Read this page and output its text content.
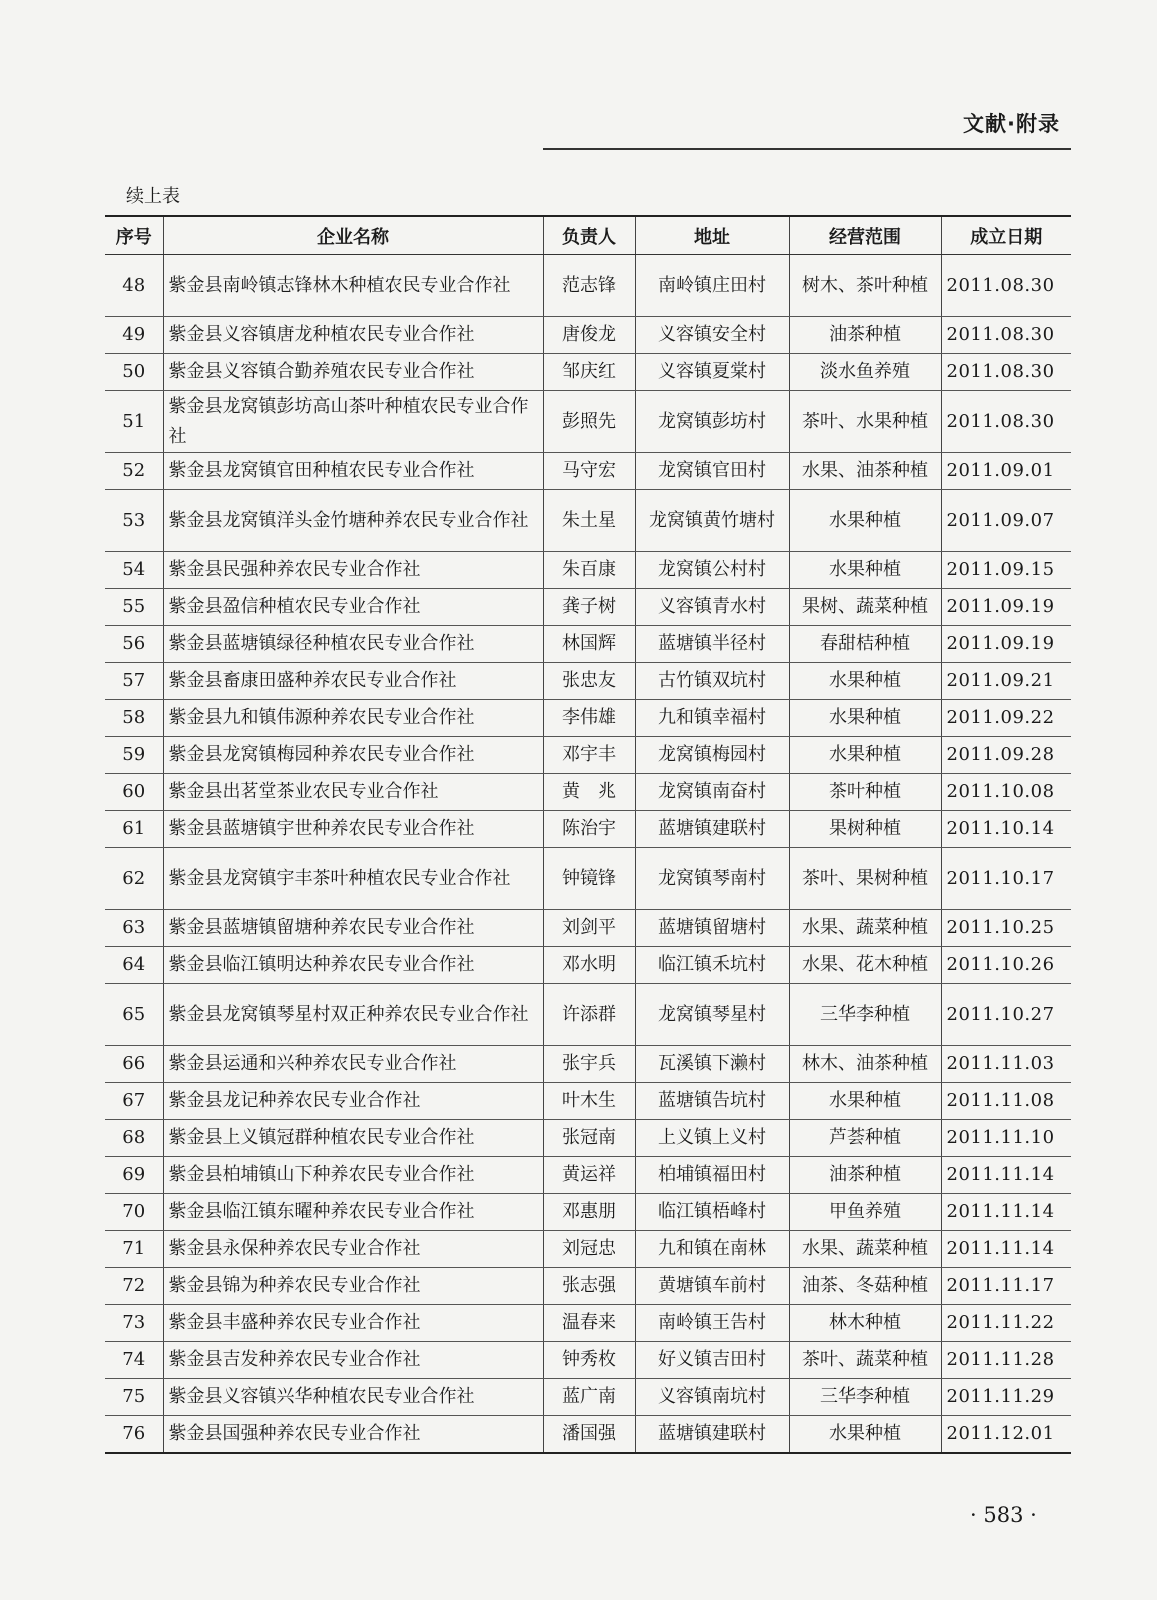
文献·附录
续上表
序号	企业名称	负责人	地址	经营范围	成立日期
48	紫金县南岭镇志锋林木种植农民专业合作社	范志锋	南岭镇庄田村	树木、茶叶种植	2011.08.30
49	紫金县义容镇唐龙种植农民专业合作社	唐俊龙	义容镇安全村	油茶种植	2011.08.30
50	紫金县义容镇合勤养殖农民专业合作社	邹庆红	义容镇夏棠村	淡水鱼养殖	2011.08.30
51	紫金县龙窝镇彭坊高山茶叶种植农民专业合作社	彭照先	龙窝镇彭坊村	茶叶、水果种植	2011.08.30
52	紫金县龙窝镇官田种植农民专业合作社	马守宏	龙窝镇官田村	水果、油茶种植	2011.09.01
53	紫金县龙窝镇洋头金竹塘种养农民专业合作社	朱土星	龙窝镇黄竹塘村	水果种植	2011.09.07
54	紫金县民强种养农民专业合作社	朱百康	龙窝镇公村村	水果种植	2011.09.15
55	紫金县盈信种植农民专业合作社	龚子树	义容镇青水村	果树、蔬菜种植	2011.09.19
56	紫金县蓝塘镇绿径种植农民专业合作社	林国辉	蓝塘镇半径村	春甜桔种植	2011.09.19
57	紫金县畜康田盛种养农民专业合作社	张忠友	古竹镇双坑村	水果种植	2011.09.21
58	紫金县九和镇伟源种养农民专业合作社	李伟雄	九和镇幸福村	水果种植	2011.09.22
59	紫金县龙窝镇梅园种养农民专业合作社	邓宇丰	龙窝镇梅园村	水果种植	2011.09.28
60	紫金县出茗堂茶业农民专业合作社	黄　兆	龙窝镇南奋村	茶叶种植	2011.10.08
61	紫金县蓝塘镇宇世种养农民专业合作社	陈治宇	蓝塘镇建联村	果树种植	2011.10.14
62	紫金县龙窝镇宇丰茶叶种植农民专业合作社	钟镜锋	龙窝镇琴南村	茶叶、果树种植	2011.10.17
63	紫金县蓝塘镇留塘种养农民专业合作社	刘剑平	蓝塘镇留塘村	水果、蔬菜种植	2011.10.25
64	紫金县临江镇明达种养农民专业合作社	邓水明	临江镇禾坑村	水果、花木种植	2011.10.26
65	紫金县龙窝镇琴星村双正种养农民专业合作社	许添群	龙窝镇琴星村	三华李种植	2011.10.27
66	紫金县运通和兴种养农民专业合作社	张宇兵	瓦溪镇下濑村	林木、油茶种植	2011.11.03
67	紫金县龙记种养农民专业合作社	叶木生	蓝塘镇告坑村	水果种植	2011.11.08
68	紫金县上义镇冠群种植农民专业合作社	张冠南	上义镇上义村	芦荟种植	2011.11.10
69	紫金县柏埔镇山下种养农民专业合作社	黄运祥	柏埔镇福田村	油茶种植	2011.11.14
70	紫金县临江镇东曜种养农民专业合作社	邓惠朋	临江镇梧峰村	甲鱼养殖	2011.11.14
71	紫金县永保种养农民专业合作社	刘冠忠	九和镇在南林	水果、蔬菜种植	2011.11.14
72	紫金县锦为种养农民专业合作社	张志强	黄塘镇车前村	油茶、冬菇种植	2011.11.17
73	紫金县丰盛种养农民专业合作社	温春来	南岭镇王告村	林木种植	2011.11.22
74	紫金县吉发种养农民专业合作社	钟秀枚	好义镇吉田村	茶叶、蔬菜种植	2011.11.28
75	紫金县义容镇兴华种植农民专业合作社	蓝广南	义容镇南坑村	三华李种植	2011.11.29
76	紫金县国强种养农民专业合作社	潘国强	蓝塘镇建联村	水果种植	2011.12.01
· 583 ·
